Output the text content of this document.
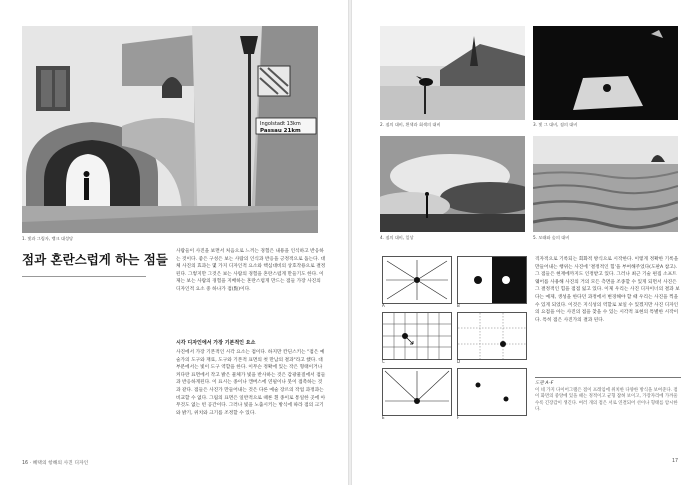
Ingolstadt 13km
Passau 21km
1. 빛과 그림자, 뱅크 대성당
점과 혼란스럽게 하는 점들
사람들이 사진을 보면서 처음으로 느끼는 경험은 내용을 인식하고 반응하는 것이다. 좋은 구성은 보는 사람의 인식과 반응을 긍정적으로 돕는다. 대체 사진의 효과는 몇 가지 디자인적 요소와 핵심대비의 상호작용으로 결정된다. 그렇지만 그것은 보는 사람의 경험을 혼란스럽게 만들기도 한다. 이제는 보는 사람의 경험을 지배하는 혼란스럽게 만드는 점들 가장 사진의 디자인적 요소 중 하나가 점(點)이다.
시각 디자인에서 가장 기본적인 요소
사진에서 가장 기본적인 시각 요소는 점이다. 하지만 칸딘스키는 "점은 예술가의 도구와 재료, 도구와 기본적 표면의 첫 만남의 결과"라고 했다. 대부분에서는 빛이 도구 역할을 한다. 이무슨 정확에 있는 작은 형태이거나 커다란 표면에서 작고 밝은 물체가 빛을 반사하는 것은 감광물질에서 점들과 반응하게된다. 이 표시는 종이나 캔버스에 연필이나 붓이 접촉하는 것과 같다. 점들은 사진가 만들어내는 것은 다른 예술 장르의 작업 과정과는 비교할 수 없다. 그림의 표면은 일반적으로 때론 흰 종이로 통일한 곳에 아무것도 없는 빈 공간이다. 그러나 빛을 노출시키는 방식에 따라 점의 크기와 밝기, 위치와 크기를 조정할 수 있다.
16 · 혜택의 항해의 사진 디자인
2. 점의 대비, 흰색과 회색의 대비	3. 빛 그 대비, 점의 대비
4. 점의 대비, 일상	5. 모래와 숲의 대비
A	B
C	D
E	F
격자적으로 기록되는 회화적 방식으로 시작한다. 이렇게 정확한 기록을 만들어내는 행위는 사진에 '결정적인 힘'을 부여해주었다(도판A 참고). 그 점들은 현재에까지도 인정받고 있다. 그러나 최근 기술 편집 소프트웨어를 사용해 사진의 거의 모든 측면을 조종할 수 있게 되면서 사진은 그 결정적인 힘을 점점 잃고 있다. 이제 우리는 사진 디자이너의 결과 보다는 예제, 생성을 한다던 과정에서 변경해야 할 때 우리는 사진을 찍을 수 있게 되었다. 이것은 지식성의 역할로 보일 수 있겠지만 사진 디자인의 요점을 아는 사진의 점을 찾을 수 있는 시각적 표현의 특별한 시작이다. 특히 점은 사진가의 결과 된다.
도판 A–F
이 네 가지 다이어그램은 점이 프레임에 위치한 다양한 방식을 보여준다. 점이 화면의 중앙에 있을 때는 정적이고 균형 잡혀 보이고, 가장자리에 가까울수록 긴장감이 생긴다. 여러 개의 점은 서로 연결되어 선이나 형태를 암시한다.
17
